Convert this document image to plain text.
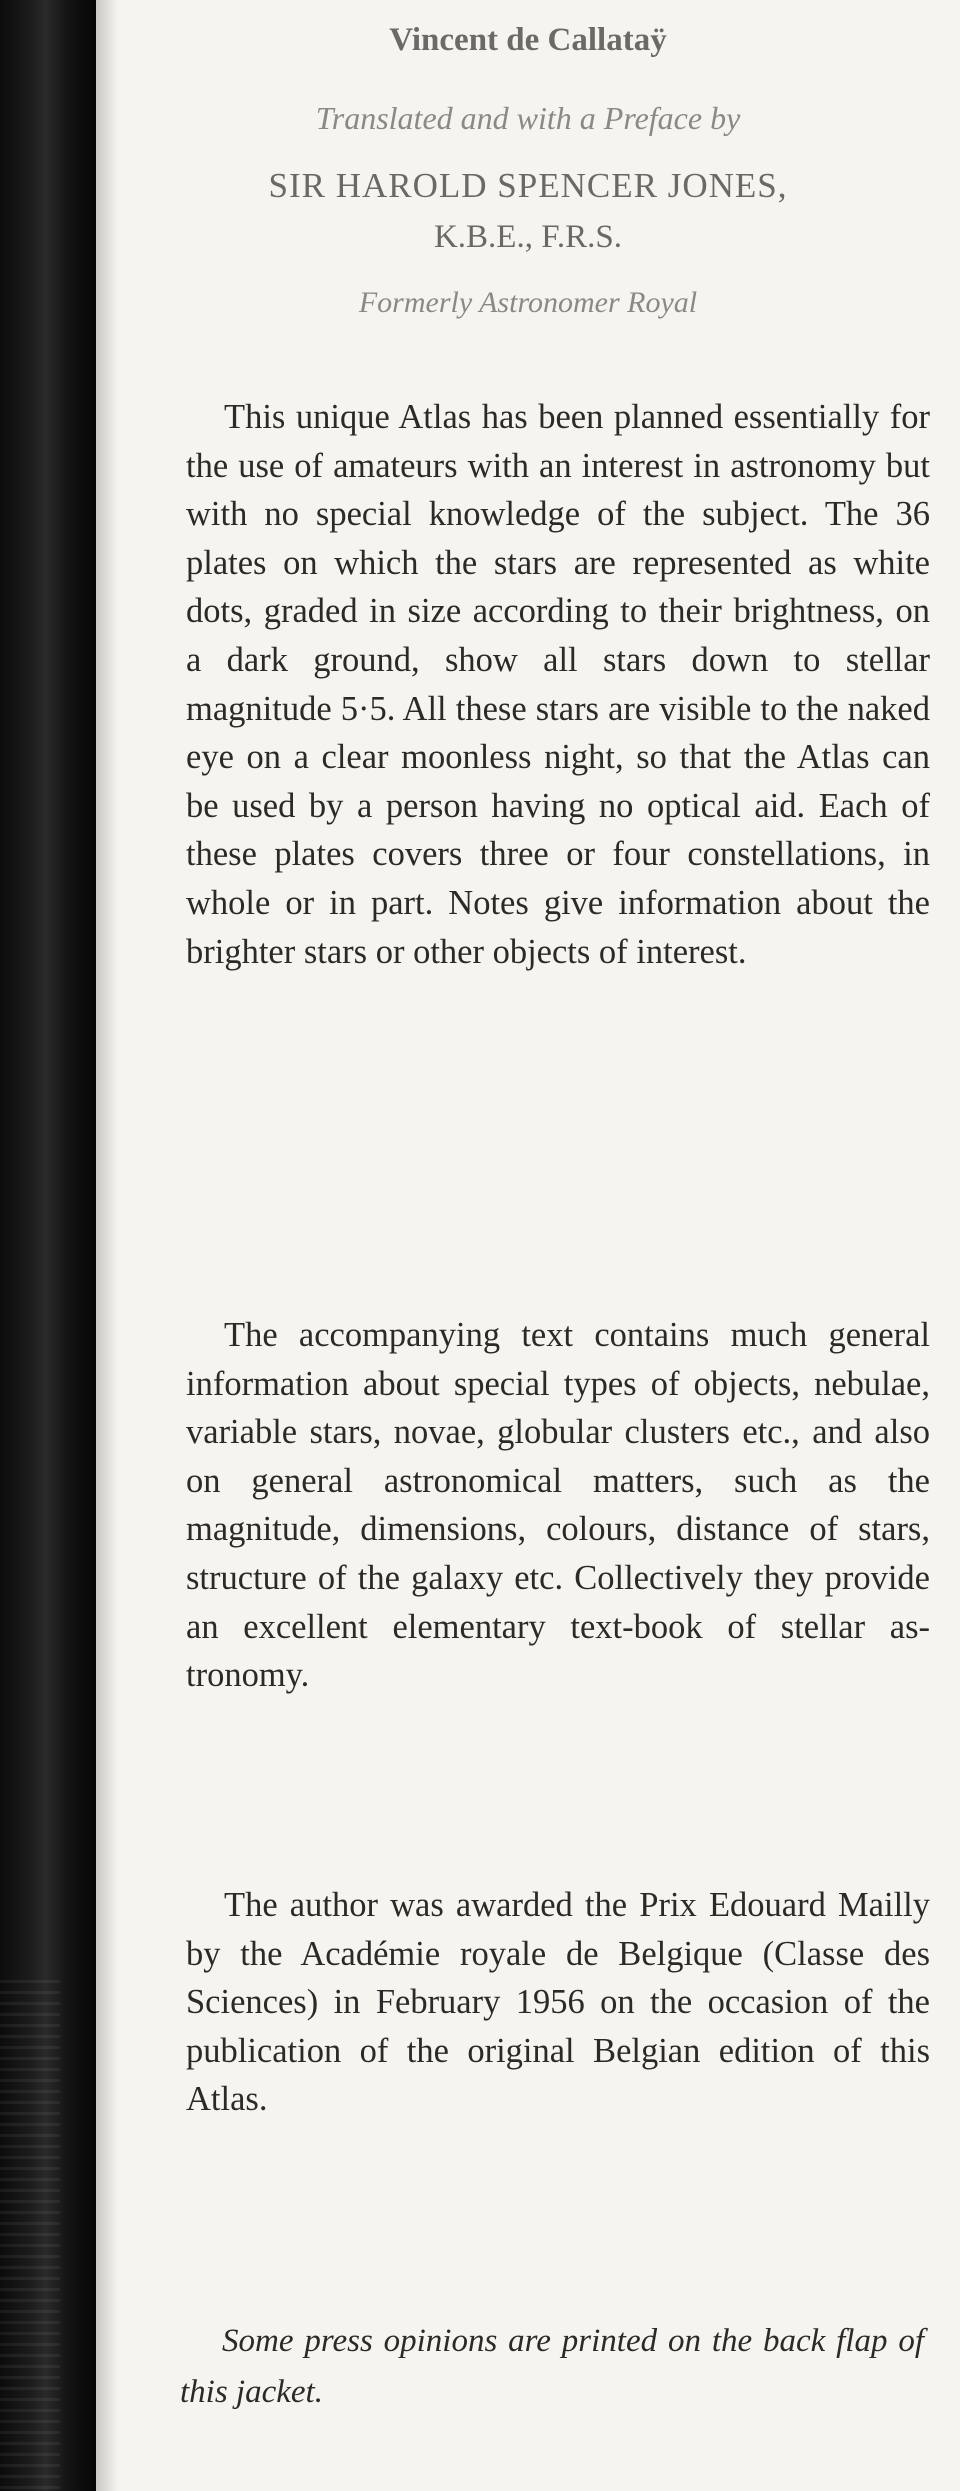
Vincent de Callataÿ
Translated and with a Preface by
SIR HAROLD SPENCER JONES,
K.B.E., F.R.S.
Formerly Astronomer Royal

This unique Atlas has been planned essentially for the use of amateurs with an interest in astronomy but with no special knowledge of the subject. The 36 plates on which the stars are represented as white dots, graded in size according to their brightness, on a dark ground, show all stars down to stellar magnitude 5·5. All these stars are visible to the naked eye on a clear moonless night, so that the Atlas can be used by a person having no optical aid. Each of these plates covers three or four constellations, in whole or in part. Notes give information about the brighter stars or other objects of interest.

The accompanying text contains much general information about special types of objects, nebulae, variable stars, novae, globular clusters etc., and also on general astronomical matters, such as the magnitude, dimensions, colours, distance of stars, structure of the galaxy etc. Collectively they provide an excellent elementary text-book of stellar astronomy.

The author was awarded the Prix Edouard Mailly by the Académie royale de Belgique (Classe des Sciences) in February 1956 on the occasion of the publication of the original Belgian edition of this Atlas.

Some press opinions are printed on the back flap of this jacket.
